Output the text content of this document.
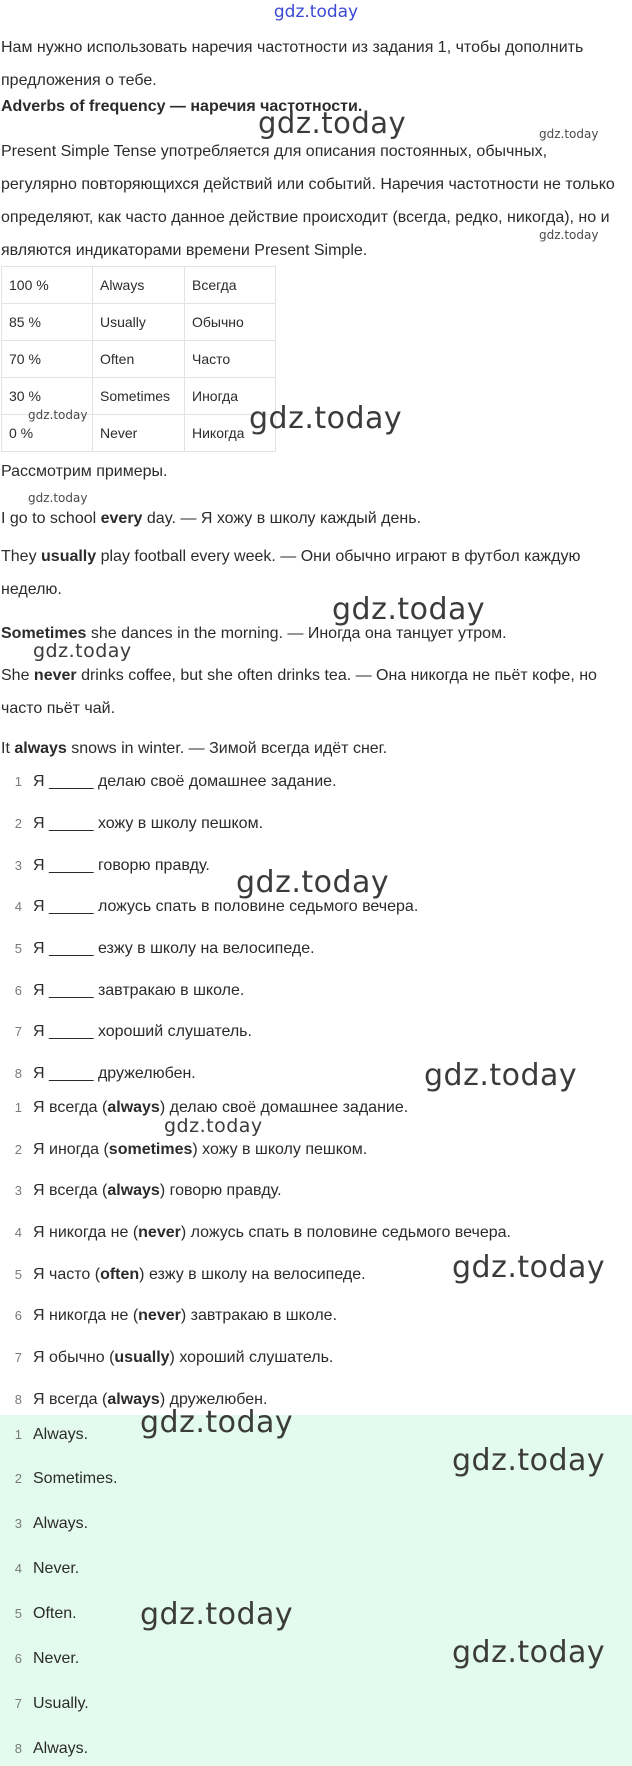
gdz.today

Нам нужно использовать наречия частотности из задания 1, чтобы дополнить предложения о тебе.

Adverbs of frequency — наречия частотности.

Present Simple Tense употребляется для описания постоянных, обычных, регулярно повторяющихся действий или событий. Наречия частотности не только определяют, как часто данное действие происходит (всегда, редко, никогда), но и являются индикаторами времени Present Simple.

100 %	Always	Всегда
85 %	Usually	Обычно
70 %	Often	Часто
30 %	Sometimes	Иногда
0 %	Never	Никогда

Рассмотрим примеры.

I go to school every day. — Я хожу в школу каждый день.

They usually play football every week. — Они обычно играют в футбол каждую неделю.

Sometimes she dances in the morning. — Иногда она танцует утром.

She never drinks coffee, but she often drinks tea. — Она никогда не пьёт кофе, но часто пьёт чай.

It always snows in winter. — Зимой всегда идёт снег.

1 Я _____ делаю своё домашнее задание.
2 Я _____ хожу в школу пешком.
3 Я _____ говорю правду.
4 Я _____ ложусь спать в половине седьмого вечера.
5 Я _____ езжу в школу на велосипеде.
6 Я _____ завтракаю в школе.
7 Я _____ хороший слушатель.
8 Я _____ дружелюбен.
1 Я всегда (always) делаю своё домашнее задание.
2 Я иногда (sometimes) хожу в школу пешком.
3 Я всегда (always) говорю правду.
4 Я никогда не (never) ложусь спать в половине седьмого вечера.
5 Я часто (often) езжу в школу на велосипеде.
6 Я никогда не (never) завтракаю в школе.
7 Я обычно (usually) хороший слушатель.
8 Я всегда (always) дружелюбен.
1 Always.
2 Sometimes.
3 Always.
4 Never.
5 Often.
6 Never.
7 Usually.
8 Always.
gdz.today	gdz.today
gdz.today
gdz.today	gdz.today
gdz.today
gdz.today
gdz.today
gdz.today
gdz.today
gdz.today
gdz.today
gdz.today
gdz.today
gdz.today
gdz.today
